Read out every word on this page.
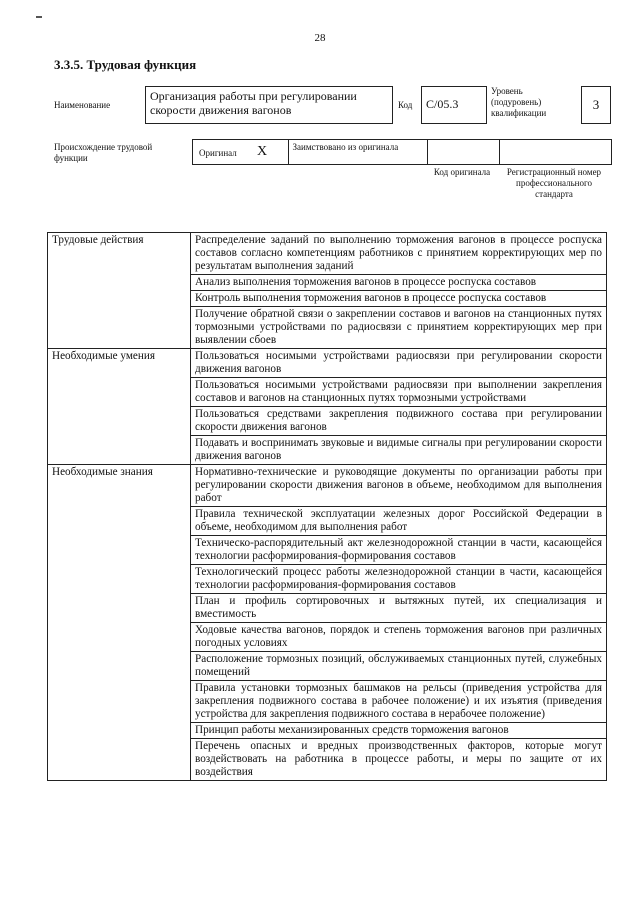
28
3.3.5. Трудовая функция
Наименование
Организация работы при регулировании скорости движения вагонов	Код	С/05.3
Уровень (подуровень) квалификации
3
Происхождение трудовой функции	Оригинал Х	Заимствовано из оригинала
Код оригинала	Регистрационный номер профессионального стандарта
Трудовые действия	Распределение заданий по выполнению торможения вагонов в процессе роспуска составов согласно компетенциям работников с принятием корректирующих мер по результатам выполнения заданий
	Анализ выполнения торможения вагонов в процессе роспуска составов
	Контроль выполнения торможения вагонов в процессе роспуска составов
	Получение обратной связи о закреплении составов и вагонов на станционных путях тормозными устройствами по радиосвязи с принятием корректирующих мер при выявлении сбоев
Необходимые умения	Пользоваться носимыми устройствами радиосвязи при регулировании скорости движения вагонов
	Пользоваться носимыми устройствами радиосвязи при выполнении закрепления составов и вагонов на станционных путях тормозными устройствами
	Пользоваться средствами закрепления подвижного состава при регулировании скорости движения вагонов
	Подавать и воспринимать звуковые и видимые сигналы при регулировании скорости движения вагонов
Необходимые знания	Нормативно-технические и руководящие документы по организации работы при регулировании скорости движения вагонов в объеме, необходимом для выполнения работ
	Правила технической эксплуатации железных дорог Российской Федерации в объеме, необходимом для выполнения работ
	Техническо-распорядительный акт железнодорожной станции в части, касающейся технологии расформирования-формирования составов
	Технологический процесс работы железнодорожной станции в части, касающейся технологии расформирования-формирования составов
	План и профиль сортировочных и вытяжных путей, их специализация и вместимость
	Ходовые качества вагонов, порядок и степень торможения вагонов при различных погодных условиях
	Расположение тормозных позиций, обслуживаемых станционных путей, служебных помещений
	Правила установки тормозных башмаков на рельсы (приведения устройства для закрепления подвижного состава в рабочее положение) и их изъятия (приведения устройства для закрепления подвижного состава в нерабочее положение)
	Принцип работы механизированных средств торможения вагонов
	Перечень опасных и вредных производственных факторов, которые могут воздействовать на работника в процессе работы, и меры по защите от их воздействия
